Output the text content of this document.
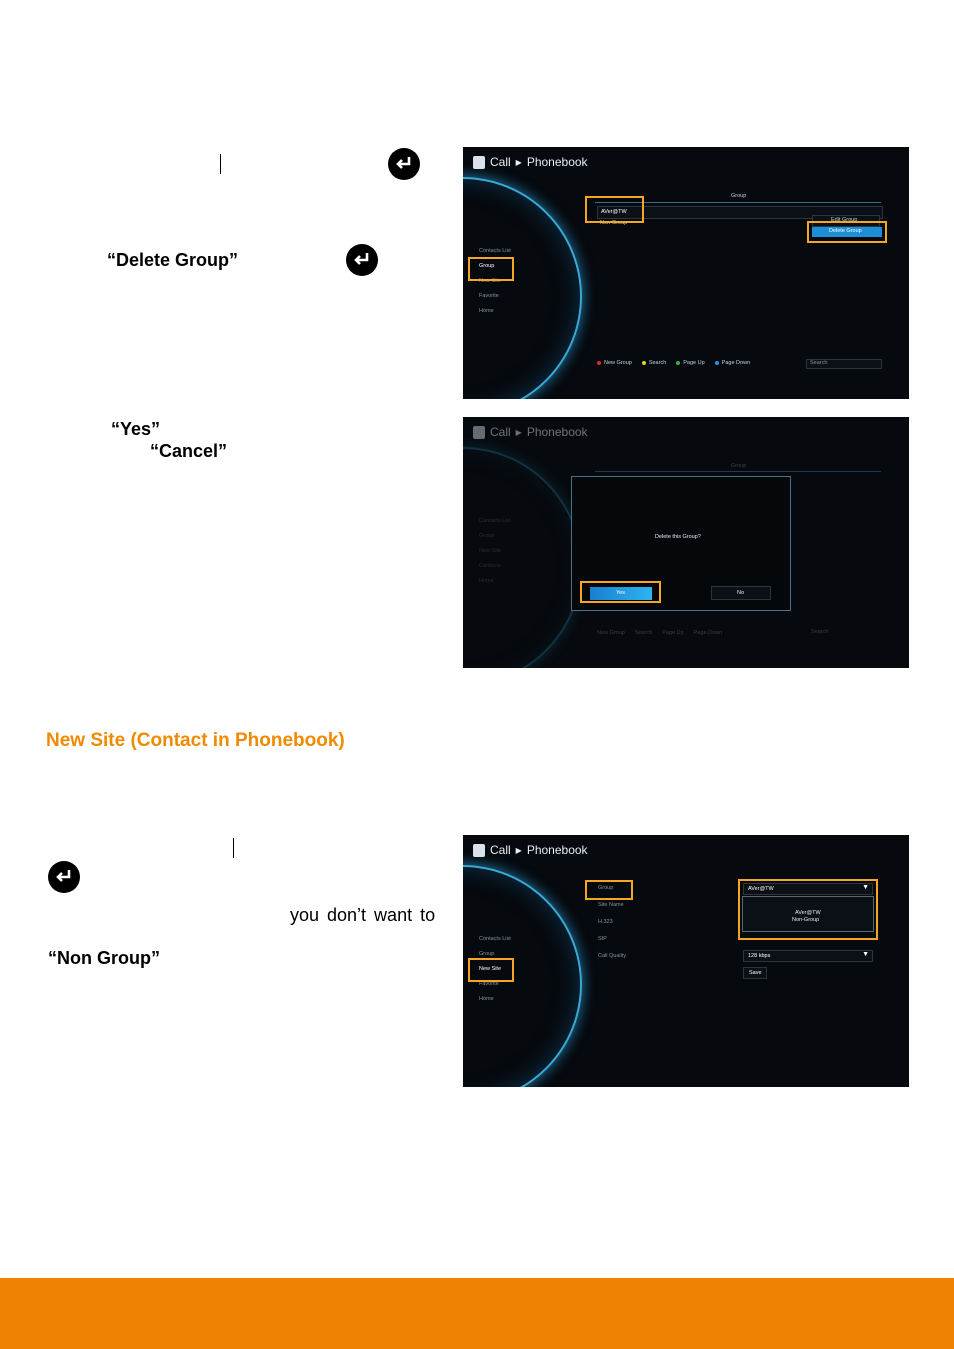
“Delete Group”
“Yes”
“Cancel”
New Site (Contact in Phonebook)
you don’t want to
“Non Group”
Call ▶ Phonebook
Group
AVer@TW
Non-Group	Edit Group
Delete Group
Contacts List
Group
New Site
Favorite
Home
New Group	Search	Page Up	Page Down	Search
Call ▶ Phonebook
Group
Contacts List
Group
New Site
Contacts
Home
Delete this Group?
Yes	No
New Group Search Page Up Page Down	Search
Call ▶ Phonebook
Group
Site Name
H.323
SIP
Call Quality
AVer@TW	▼
AVer@TW
Non-Group
128 kbps	▼
Save
Contacts List
Group
New Site
Favorite
Home
